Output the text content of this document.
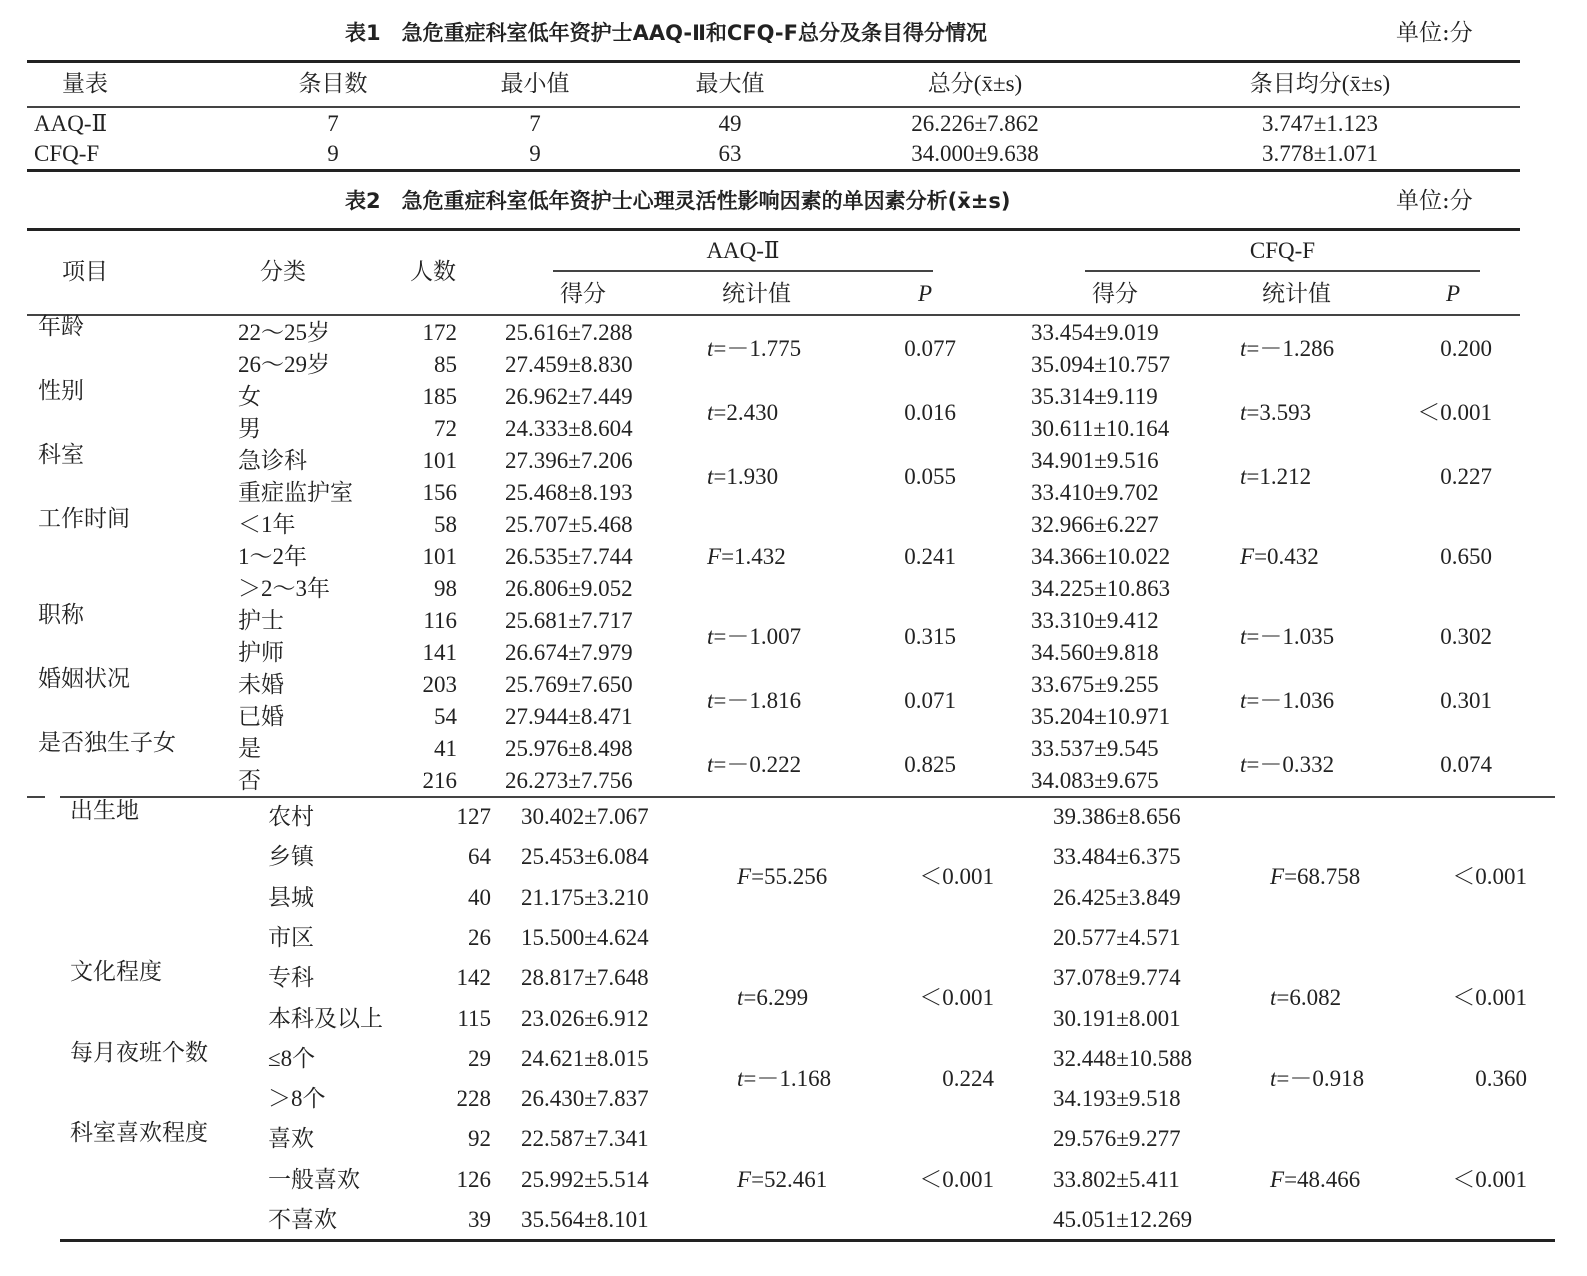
表1　急危重症科室低年资护士AAQ-Ⅱ和CFQ-F总分及条目得分情况	单位:分
表2　急危重症科室低年资护士心理灵活性影响因素的单因素分析(x̄±s)	单位:分
项目	分类	人数
AAQ-Ⅱ	CFQ-F
得分	统计值	P	得分	统计值	P
量表	条目数	最小值	最大值	总分(x̄±s)	条目均分(x̄±s)
AAQ-Ⅱ	7	7	49	26.226±7.862	3.747±1.123
CFQ-F	9	9	63	34.000±9.638	3.778±1.071
年龄	22～25岁	172 25.616±7.288	33.454±9.019
26～29岁	85 27.459±8.830	35.094±10.757
t=－1.775	0.077	t=－1.286	0.200
性别	女	185 26.962±7.449	35.314±9.119
男	72 24.333±8.604	30.611±10.164
t=2.430	0.016	t=3.593	＜0.001
科室	急诊科	101 27.396±7.206	34.901±9.516
重症监护室	156 25.468±8.193	33.410±9.702
t=1.930	0.055	t=1.212	0.227
工作时间	＜1年	58 25.707±5.468	32.966±6.227
1～2年	101 26.535±7.744	34.366±10.022
＞2～3年	98 26.806±9.052	34.225±10.863
F=1.432	0.241	F=0.432	0.650
职称	护士	116 25.681±7.717	33.310±9.412
护师	141 26.674±7.979	34.560±9.818
t=－1.007	0.315	t=－1.035	0.302
婚姻状况	未婚	203 25.769±7.650	33.675±9.255
已婚	54 27.944±8.471	35.204±10.971
t=－1.816	0.071	t=－1.036	0.301
是否独生子女	是	41 25.976±8.498	33.537±9.545
否	216 26.273±7.756	34.083±9.675
t=－0.222	0.825	t=－0.332	0.074
出生地	农村	127 30.402±7.067	39.386±8.656
乡镇	64 25.453±6.084	33.484±6.375
县城	40 21.175±3.210	26.425±3.849
市区	26 15.500±4.624	20.577±4.571
F=55.256	＜0.001	F=68.758	＜0.001
文化程度	专科	142 28.817±7.648	37.078±9.774
本科及以上	115 23.026±6.912	30.191±8.001
t=6.299	＜0.001	t=6.082	＜0.001
每月夜班个数	≤8个	29 24.621±8.015	32.448±10.588
＞8个	228 26.430±7.837	34.193±9.518
t=－1.168	0.224	t=－0.918	0.360
科室喜欢程度	喜欢	92 22.587±7.341	29.576±9.277
一般喜欢	126 25.992±5.514	33.802±5.411
不喜欢	39 35.564±8.101	45.051±12.269
F=52.461	＜0.001	F=48.466	＜0.001
